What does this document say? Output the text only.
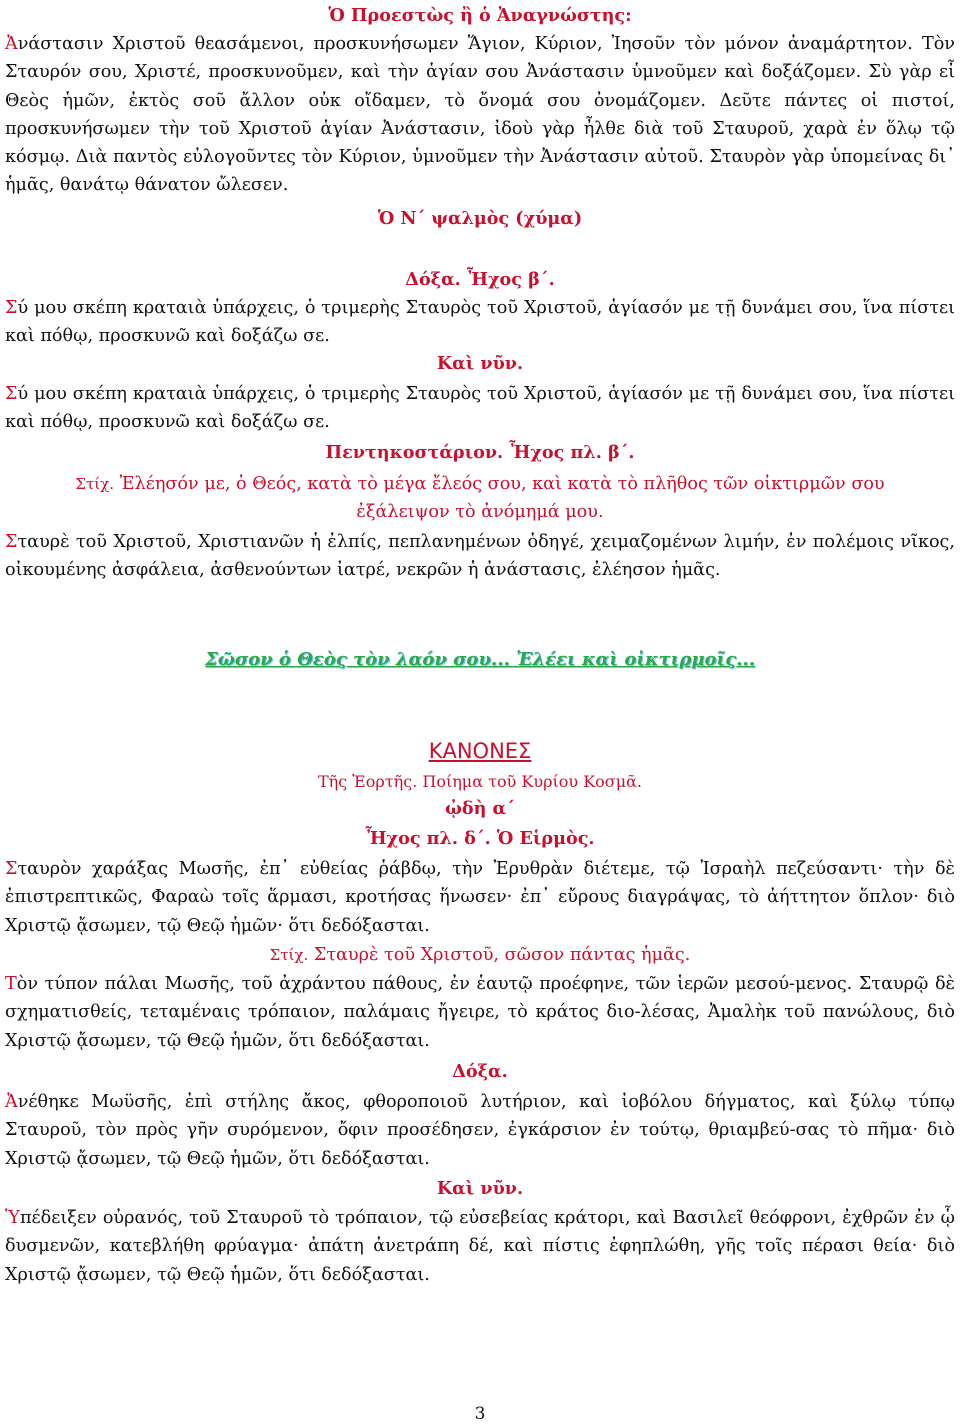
Ὁ Προεστὼς ἢ ὁ Ἀναγνώστης:

Ἀνάστασιν Χριστοῦ θεασάμενοι, προσκυνήσωμεν Ἅγιον, Κύριον, Ἰησοῦν τὸν μόνον ἀναμάρτητον. Τὸν Σταυρόν σου, Χριστέ, προσκυνοῦμεν, καὶ τὴν ἁγίαν σου Ἀνάστασιν ὑμνοῦμεν καὶ δοξάζομεν. Σὺ γὰρ εἶ Θεὸς ἡμῶν, ἐκτὸς σοῦ ἄλλον οὐκ οἴδαμεν, τὸ ὄνομά σου ὀνομάζομεν. Δεῦτε πάντες οἱ πιστοί, προσκυνήσωμεν τὴν τοῦ Χριστοῦ ἁγίαν Ἀνάστασιν, ἰδοὺ γὰρ ἦλθε διὰ τοῦ Σταυροῦ, χαρὰ ἐν ὅλῳ τῷ κόσμῳ. Διὰ παντὸς εὐλογοῦντες τὸν Κύριον, ὑμνοῦμεν τὴν Ἀνάστασιν αὐτοῦ. Σταυρὸν γὰρ ὑπομείνας δι᾽ ἡμᾶς, θανάτῳ θάνατον ὤλεσεν.

Ὁ Ν΄ ψαλμὸς (χύμα)
Δόξα. Ἦχος β΄.

Σύ μου σκέπη κραταιὰ ὑπάρχεις, ὁ τριμερὴς Σταυρὸς τοῦ Χριστοῦ, ἁγίασόν με τῇ δυνάμει σου, ἵνα πίστει καὶ πόθῳ, προσκυνῶ καὶ δοξάζω σε.

Καὶ νῦν.

Σύ μου σκέπη κραταιὰ ὑπάρχεις, ὁ τριμερὴς Σταυρὸς τοῦ Χριστοῦ, ἁγίασόν με τῇ δυνάμει σου, ἵνα πίστει καὶ πόθῳ, προσκυνῶ καὶ δοξάζω σε.

Πεντηκοστάριον. Ἦχος πλ. β΄.
Στίχ. Ἐλέησόν με, ὁ Θεός, κατὰ τὸ μέγα ἔλεός σου, καὶ κατὰ τὸ πλῆθος τῶν οἰκτιρμῶν σου
ἐξάλειψον τὸ ἀνόμημά μου.

Σταυρὲ τοῦ Χριστοῦ, Χριστιανῶν ἡ ἐλπίς, πεπλανημένων ὁδηγέ, χειμαζομένων λιμήν, ἐν πολέμοις νῖκος, οἰκουμένης ἀσφάλεια, ἀσθενούντων ἰατρέ, νεκρῶν ἡ ἀνάστασις, ἐλέησον ἡμᾶς.

Σῶσον ὁ Θεὸς τὸν λαόν σου... Ἐλέει καὶ οἰκτιρμοῖς...
ΚΑΝΟΝΕΣ
Τῆς Ἑορτῆς. Ποίημα τοῦ Κυρίου Κοσμᾶ.
ᾠδὴ α΄
Ἦχος πλ. δ΄. Ὁ Εἱρμὸς.

Σταυρὸν χαράξας Μωσῆς, ἐπ᾽ εὐθείας ῥάβδῳ, τὴν Ἐρυθρὰν διέτεμε, τῷ Ἰσραὴλ πεζεύσαντι· τὴν δὲ ἐπιστρεπτικῶς, Φαραὼ τοῖς ἅρμασι, κροτήσας ἥνωσεν· ἐπ᾽ εὔρους διαγράψας, τὸ ἀήττητον ὅπλον· διὸ Χριστῷ ᾄσωμεν, τῷ Θεῷ ἡμῶν· ὅτι δεδόξασται.

Στίχ. Σταυρὲ τοῦ Χριστοῦ, σῶσον πάντας ἡμᾶς.

Τὸν τύπον πάλαι Μωσῆς, τοῦ ἀχράντου πάθους, ἐν ἑαυτῷ προέφηνε, τῶν ἱερῶν μεσού-μενος. Σταυρῷ δὲ σχηματισθείς, τεταμέναις τρόπαιον, παλάμαις ἤγειρε, τὸ κράτος διο-λέσας, Ἀμαλὴκ τοῦ πανώλους, διὸ Χριστῷ ᾄσωμεν, τῷ Θεῷ ἡμῶν, ὅτι δεδόξασται.

Δόξα.

Ἀνέθηκε Μωϋσῆς, ἐπὶ στήλης ἄκος, φθοροποιοῦ λυτήριον, καὶ ἰοβόλου δήγματος, καὶ ξύλῳ τύπῳ Σταυροῦ, τὸν πρὸς γῆν συρόμενον, ὄφιν προσέδησεν, ἐγκάρσιον ἐν τούτῳ, θριαμβεύ-σας τὸ πῆμα· διὸ Χριστῷ ᾄσωμεν, τῷ Θεῷ ἡμῶν, ὅτι δεδόξασται.

Καὶ νῦν.

Ὑπέδειξεν οὐρανός, τοῦ Σταυροῦ τὸ τρόπαιον, τῷ εὐσεβείας κράτορι, καὶ Βασιλεῖ θεόφρονι, ἐχθρῶν ἐν ᾧ δυσμενῶν, κατεβλήθη φρύαγμα· ἀπάτη ἀνετράπη δέ, καὶ πίστις ἐφηπλώθη, γῆς τοῖς πέρασι θεία· διὸ Χριστῷ ᾄσωμεν, τῷ Θεῷ ἡμῶν, ὅτι δεδόξασται.

3
